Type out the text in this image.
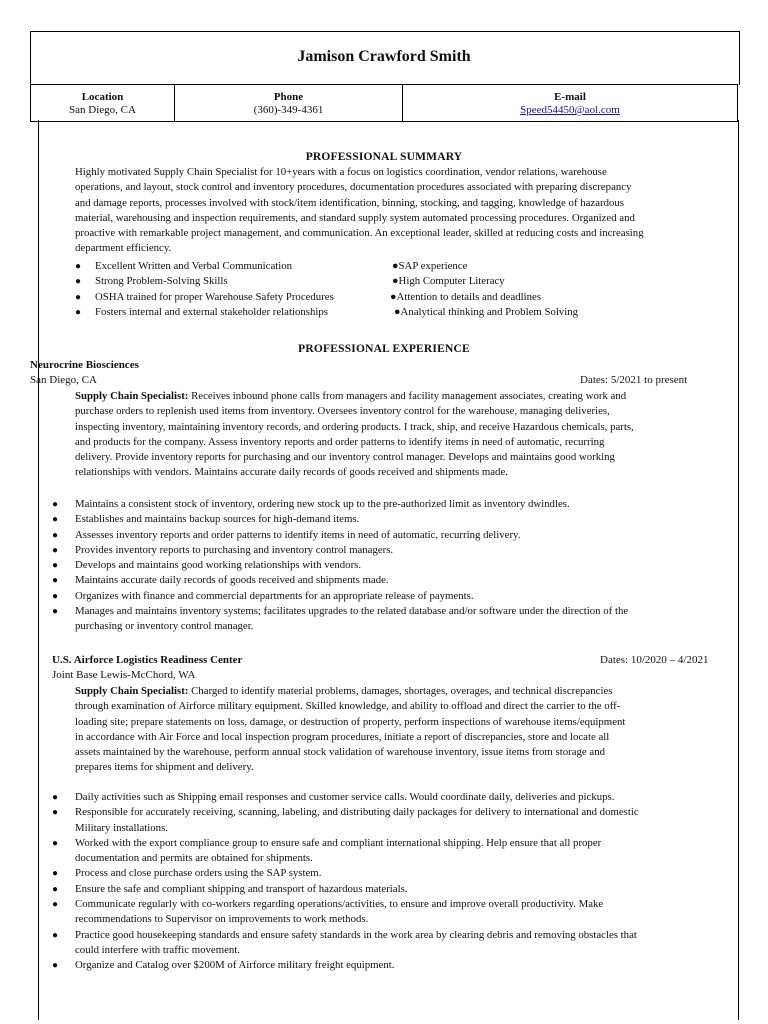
Jamison Crawford Smith
Location
San Diego, CA
Phone
(360)-349-4361
E-mail
Speed54450@aol.com
PROFESSIONAL SUMMARY
Highly motivated Supply Chain Specialist for 10+years with a focus on logistics coordination, vendor relations, warehouse
operations, and layout, stock control and inventory procedures, documentation procedures associated with preparing discrepancy
and damage reports, processes involved with stock/item identification, binning, stocking, and tagging, knowledge of hazardous
material, warehousing and inspection requirements, and standard supply system automated processing procedures. Organized and
proactive with remarkable project management, and communication. An exceptional leader, skilled at reducing costs and increasing
department efficiency.
● Excellent Written and Verbal Communication
● Strong Problem-Solving Skills
● OSHA trained for proper Warehouse Safety Procedures
● Fosters internal and external stakeholder relationships
●SAP experience
●High Computer Literacy
●Attention to details and deadlines
●Analytical thinking and Problem Solving
PROFESSIONAL EXPERIENCE
Neurocrine Biosciences
San Diego, CA	Dates: 5/2021 to present
Supply Chain Specialist: Receives inbound phone calls from managers and facility management associates, creating work and
purchase orders to replenish used items from inventory. Oversees inventory control for the warehouse, managing deliveries,
inspecting inventory, maintaining inventory records, and ordering products. I track, ship, and receive Hazardous chemicals, parts,
and products for the company. Assess inventory reports and order patterns to identify items in need of automatic, recurring
delivery. Provide inventory reports for purchasing and our inventory control manager. Develops and maintains good working
relationships with vendors. Maintains accurate daily records of goods received and shipments made.
● Maintains a consistent stock of inventory, ordering new stock up to the pre-authorized limit as inventory dwindles.
● Establishes and maintains backup sources for high-demand items.
● Assesses inventory reports and order patterns to identify items in need of automatic, recurring delivery.
● Provides inventory reports to purchasing and inventory control managers.
● Develops and maintains good working relationships with vendors.
● Maintains accurate daily records of goods received and shipments made.
● Organizes with finance and commercial departments for an appropriate release of payments.
● Manages and maintains inventory systems; facilitates upgrades to the related database and/or software under the direction of the
purchasing or inventory control manager.
U.S. Airforce Logistics Readiness Center	Dates: 10/2020 – 4/2021
Joint Base Lewis-McChord, WA
Supply Chain Specialist: Charged to identify material problems, damages, shortages, overages, and technical discrepancies
through examination of Airforce military equipment. Skilled knowledge, and ability to offload and direct the carrier to the off-
loading site; prepare statements on loss, damage, or destruction of property, perform inspections of warehouse items/equipment
in accordance with Air Force and local inspection program procedures, initiate a report of discrepancies, store and locate all
assets maintained by the warehouse, perform annual stock validation of warehouse inventory, issue items from storage and
prepares items for shipment and delivery.
● Daily activities such as Shipping email responses and customer service calls. Would coordinate daily, deliveries and pickups.
● Responsible for accurately receiving, scanning, labeling, and distributing daily packages for delivery to international and domestic
Military installations.
● Worked with the export compliance group to ensure safe and compliant international shipping. Help ensure that all proper
documentation and permits are obtained for shipments.
● Process and close purchase orders using the SAP system.
● Ensure the safe and compliant shipping and transport of hazardous materials.
● Communicate regularly with co-workers regarding operations/activities, to ensure and improve overall productivity. Make
recommendations to Supervisor on improvements to work methods.
● Practice good housekeeping standards and ensure safety standards in the work area by clearing debris and removing obstacles that
could interfere with traffic movement.
● Organize and Catalog over $200M of Airforce military freight equipment.
